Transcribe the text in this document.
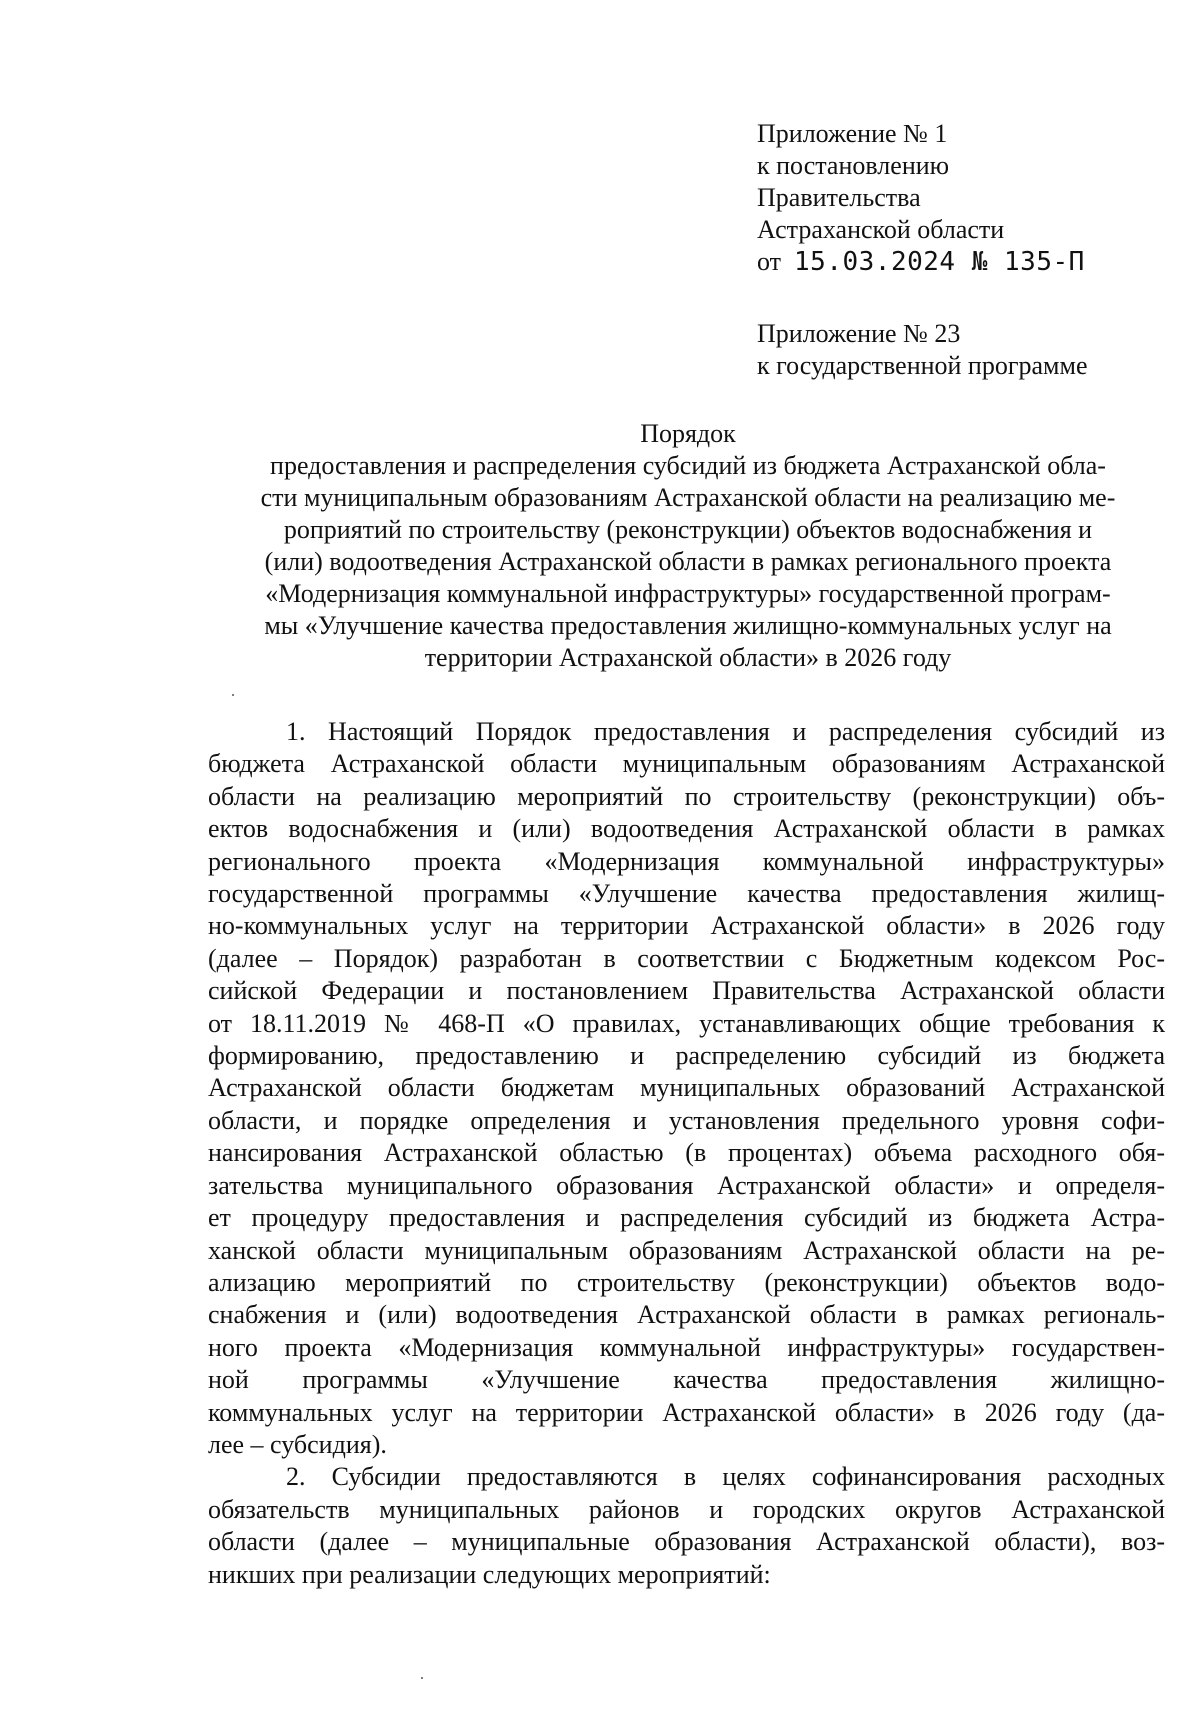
Приложение № 1
к постановлению
Правительства
Астраханской области
от 15.03.2024 № 135-П
Приложение № 23
к государственной программе
Порядок
предоставления и распределения субсидий из бюджета Астраханской обла-
сти муниципальным образованиям Астраханской области на реализацию ме-
роприятий по строительству (реконструкции) объектов водоснабжения и
(или) водоотведения Астраханской области в рамках регионального проекта
«Модернизация коммунальной инфраструктуры» государственной програм-
мы «Улучшение качества предоставления жилищно-коммунальных услуг на
территории Астраханской области» в 2026 году
1. Настоящий Порядок предоставления и распределения субсидий из
бюджета Астраханской области муниципальным образованиям Астраханской
области на реализацию мероприятий по строительству (реконструкции) объ-
ектов водоснабжения и (или) водоотведения Астраханской области в рамках
регионального проекта «Модернизация коммунальной инфраструктуры»
государственной программы «Улучшение качества предоставления жилищ-
но-коммунальных услуг на территории Астраханской области» в 2026 году
(далее – Порядок) разработан в соответствии с Бюджетным кодексом Рос-
сийской Федерации и постановлением Правительства Астраханской области
от 18.11.2019 № 468-П «О правилах, устанавливающих общие требования к
формированию, предоставлению и распределению субсидий из бюджета
Астраханской области бюджетам муниципальных образований Астраханской
области, и порядке определения и установления предельного уровня софи-
нансирования Астраханской областью (в процентах) объема расходного обя-
зательства муниципального образования Астраханской области» и определя-
ет процедуру предоставления и распределения субсидий из бюджета Астра-
ханской области муниципальным образованиям Астраханской области на ре-
ализацию мероприятий по строительству (реконструкции) объектов водо-
снабжения и (или) водоотведения Астраханской области в рамках региональ-
ного проекта «Модернизация коммунальной инфраструктуры» государствен-
ной программы «Улучшение качества предоставления жилищно-
коммунальных услуг на территории Астраханской области» в 2026 году (да-
лее – субсидия).
2. Субсидии предоставляются в целях софинансирования расходных
обязательств муниципальных районов и городских округов Астраханской
области (далее – муниципальные образования Астраханской области), воз-
никших при реализации следующих мероприятий:
